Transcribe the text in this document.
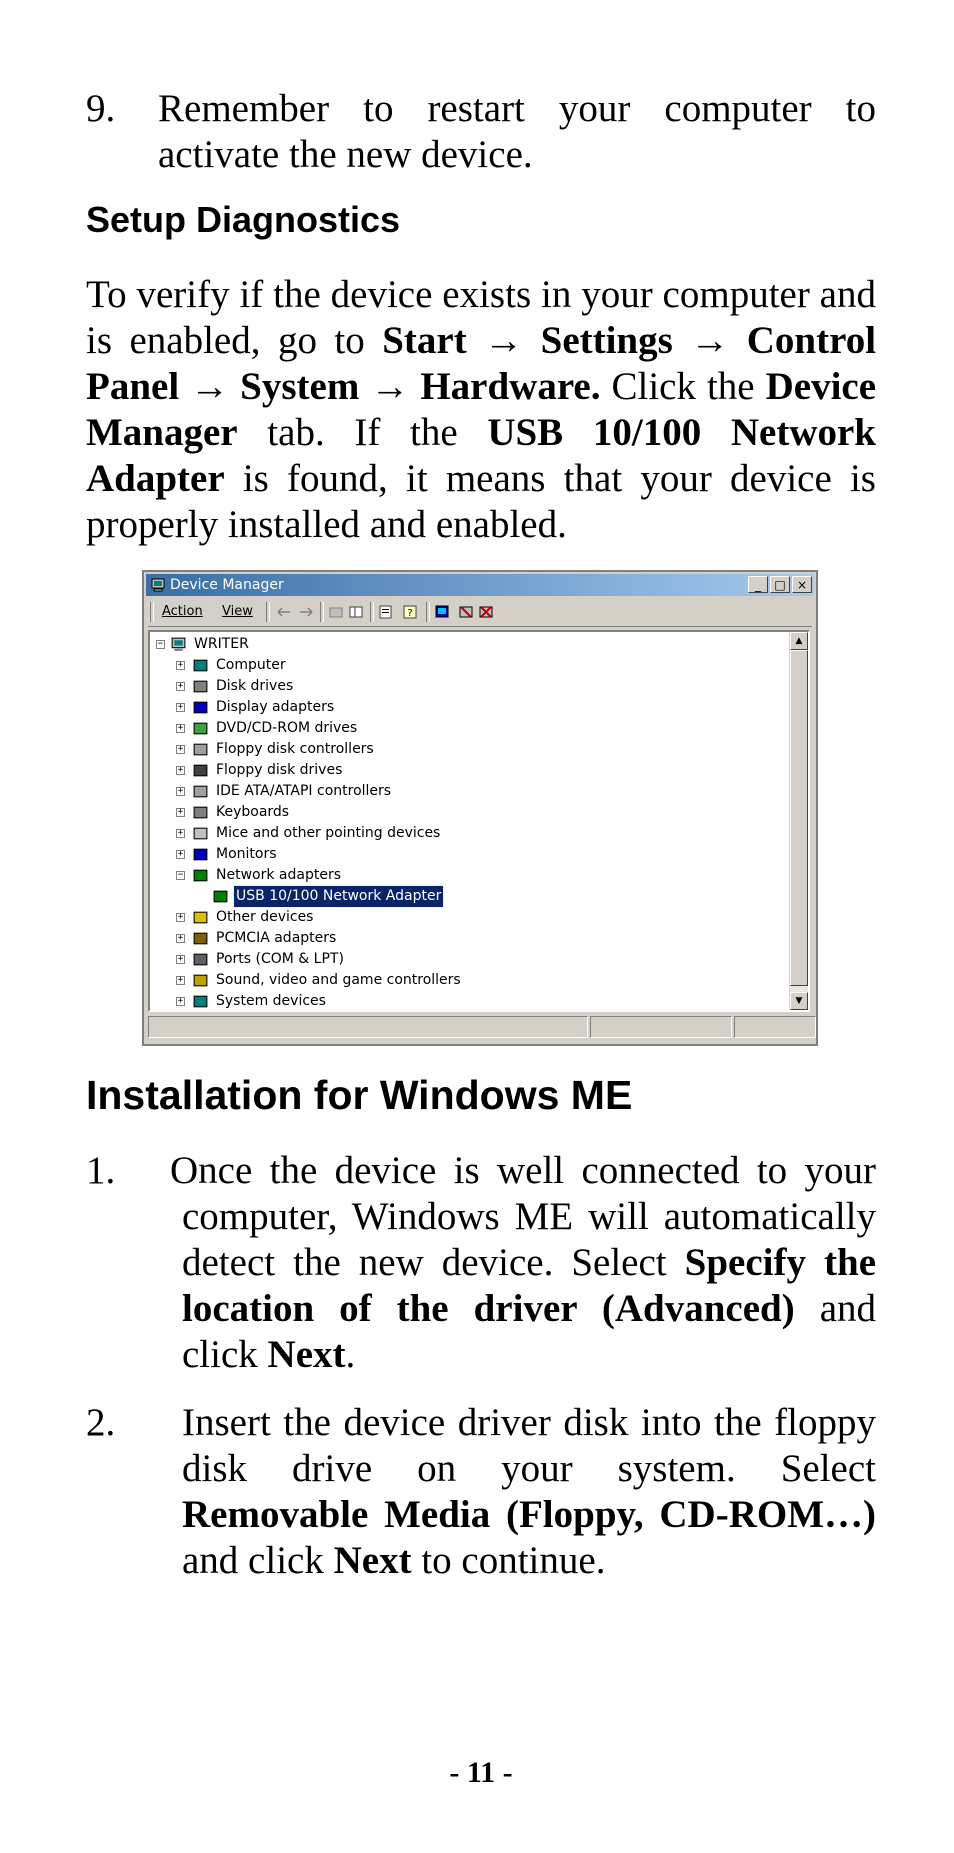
9. Remember to restart your computer to activate the new device.
Setup Diagnostics

To verify if the device exists in your computer and is enabled, go to Start → Settings → Control Panel → System → Hardware. Click the Device Manager tab. If the USB 10/100 Network Adapter is found, it means that your device is properly installed and enabled.

Installation for Windows ME
1. Once the device is well connected to your computer, Windows ME will automatically detect the new device. Select Specify the location of the driver (Advanced) and click Next.
2. Insert the device driver disk into the floppy disk drive on your system. Select Removable Media (Floppy, CD-ROM…) and click Next to continue.
- 11 -
Device Manager	_	□ ×
Action View	?
− WRITER
Computer
+
Disk drives
+
Display adapters
+
DVD/CD-ROM drives
+
Floppy disk controllers
+
Floppy disk drives
+
IDE ATA/ATAPI controllers
+
Keyboards
+
Mice and other pointing devices
+
Monitors
+
Network adapters
−
USB 10/100 Network Adapter
Other devices
+
PCMCIA adapters
+
Ports (COM & LPT)
+
Sound, video and game controllers
+
System devices
+
▲
▼
